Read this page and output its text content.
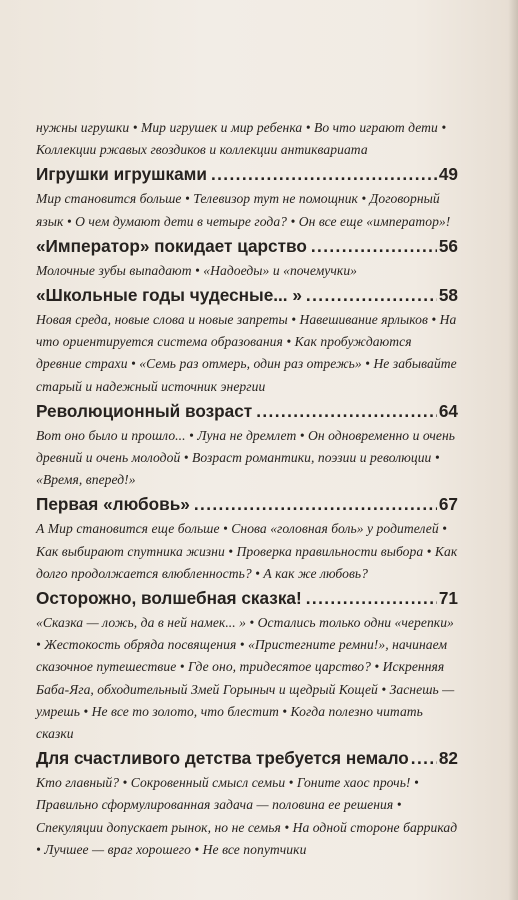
нужны игрушки • Мир игрушек и мир ребенка • Во что играют дети • Коллекции ржавых гвоздиков и коллекции антиквариата

Игрушки игрушками .....	49

Мир становится больше • Телевизор тут не помощник • Договорный язык • О чем думают дети в четыре года? • Он все еще «император»!

«Император» покидает царство .....	56

Молочные зубы выпадают • «Надоеды» и «почемучки»

«Школьные годы чудесные... » .....	58

Новая среда, новые слова и новые запреты • Навешивание ярлыков • На что ориентируется система образования • Как пробуждаются древние страхи • «Семь раз отмерь, один раз отрежь» • Не забывайте старый и надежный источник энергии

Революционный возраст .....	64

Вот оно было и прошло... • Луна не дремлет • Он одновременно и очень древний и очень молодой • Возраст романтики, поэзии и революции • «Время, вперед!»

Первая «любовь» .....	67

А Мир становится еще больше • Снова «головная боль» у родителей • Как выбирают спутника жизни • Проверка правильности выбора • Как долго продолжается влюбленность? • А как же любовь?

Осторожно, волшебная сказка! .....	71

«Сказка — ложь, да в ней намек... » • Остались только одни «черепки» • Жестокость обряда посвящения • «Пристегните ремни!», начинаем сказочное путешествие • Где оно, тридесятое царство? • Искренняя Баба-Яга, обходительный Змей Горыныч и щедрый Кощей • Заснешь — умрешь • Не все то золото, что блестит • Когда полезно читать сказки

Для счастливого детства требуется немало ..... 82

Кто главный? • Сокровенный смысл семьи • Гоните хаос прочь! • Правильно сформулированная задача — половина ее решения • Спекуляции допускает рынок, но не семья • На одной стороне баррикад • Лучшее — враг хорошего • Не все попутчики
